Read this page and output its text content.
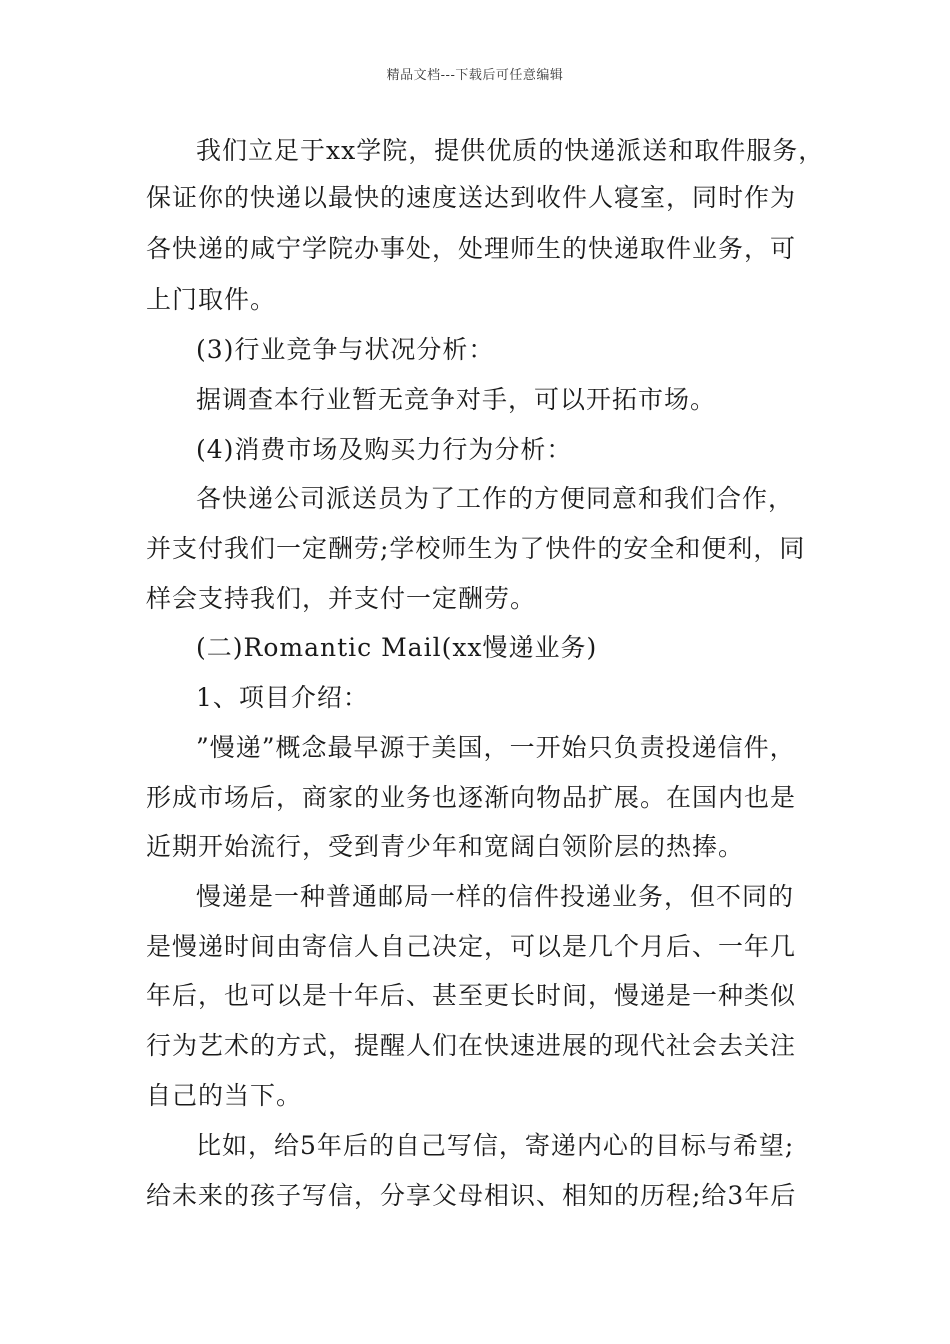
精品文档---下载后可任意编辑
我们立足于xx学院，提供优质的快递派送和取件服务，
保证你的快递以最快的速度送达到收件人寝室，同时作为
各快递的咸宁学院办事处，处理师生的快递取件业务，可
上门取件。
(3)行业竞争与状况分析：
据调查本行业暂无竞争对手，可以开拓市场。
(4)消费市场及购买力行为分析：
各快递公司派送员为了工作的方便同意和我们合作，
并支付我们一定酬劳;学校师生为了快件的安全和便利，同
样会支持我们，并支付一定酬劳。
(二)Romantic Mail(xx慢递业务)
1、项目介绍：
”慢递”概念最早源于美国，一开始只负责投递信件，
形成市场后，商家的业务也逐渐向物品扩展。在国内也是
近期开始流行，受到青少年和宽阔白领阶层的热捧。
慢递是一种普通邮局一样的信件投递业务，但不同的
是慢递时间由寄信人自己决定，可以是几个月后、一年几
年后，也可以是十年后、甚至更长时间，慢递是一种类似
行为艺术的方式，提醒人们在快速进展的现代社会去关注
自己的当下。
比如，给5年后的自己写信，寄递内心的目标与希望;
给未来的孩子写信，分享父母相识、相知的历程;给3年后
